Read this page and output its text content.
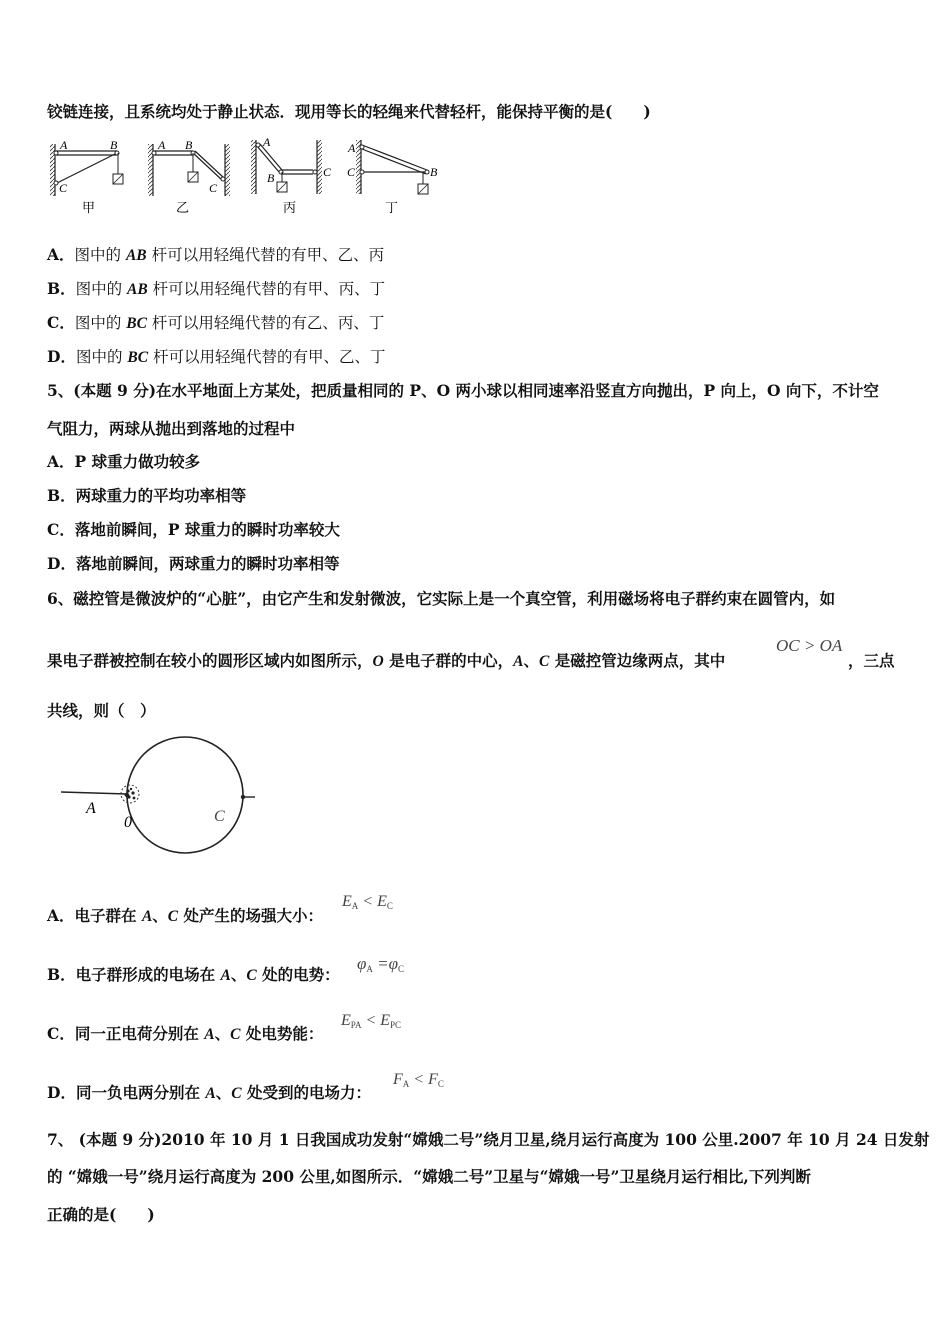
铰链连接，且系统均处于静止状态．现用等长的轻绳来代替轻杆，能保持平衡的是(　　)
A	B
C
甲
A B
C
乙
A
B	C
丙
A
C	B
丁
A．图中的 AB 杆可以用轻绳代替的有甲、乙、丙
B．图中的 AB 杆可以用轻绳代替的有甲、丙、丁
C．图中的 BC 杆可以用轻绳代替的有乙、丙、丁
D．图中的 BC 杆可以用轻绳代替的有甲、乙、丁
5、(本题 9 分)在水平地面上方某处，把质量相同的 P、O 两小球以相同速率沿竖直方向抛出，P 向上，O 向下，不计空
气阻力，两球从抛出到落地的过程中
A．P 球重力做功较多
B．两球重力的平均功率相等
C．落地前瞬间，P 球重力的瞬时功率较大
D．落地前瞬间，两球重力的瞬时功率相等
6、磁控管是微波炉的“心脏”，由它产生和发射微波，它实际上是一个真空管，利用磁场将电子群约束在圆管内，如
果电子群被控制在较小的圆形区域内如图所示，O 是电子群的中心，A、C 是磁控管边缘两点，其中
OC > OA
，三点
共线，则（　）
A
0	C
A．电子群在 A、C 处产生的场强大小：
$E_A < E_C$
B．电子群形成的电场在 A、C 处的电势：
$\varphi_A =\varphi_C$
C．同一正电荷分别在 A、C 处电势能：
$E_{PA} < E_{PC}$
D．同一负电两分别在 A、C 处受到的电场力：
$F_A < F_C$
7、 (本题 9 分)2010 年 10 月 1 日我国成功发射“嫦娥二号”绕月卫星,绕月运行高度为 100 公里.2007 年 10 月 24 日发射
的 “嫦娥一号”绕月运行高度为 200 公里,如图所示．“嫦娥二号”卫星与“嫦娥一号”卫星绕月运行相比,下列判断
正确的是(　　)
